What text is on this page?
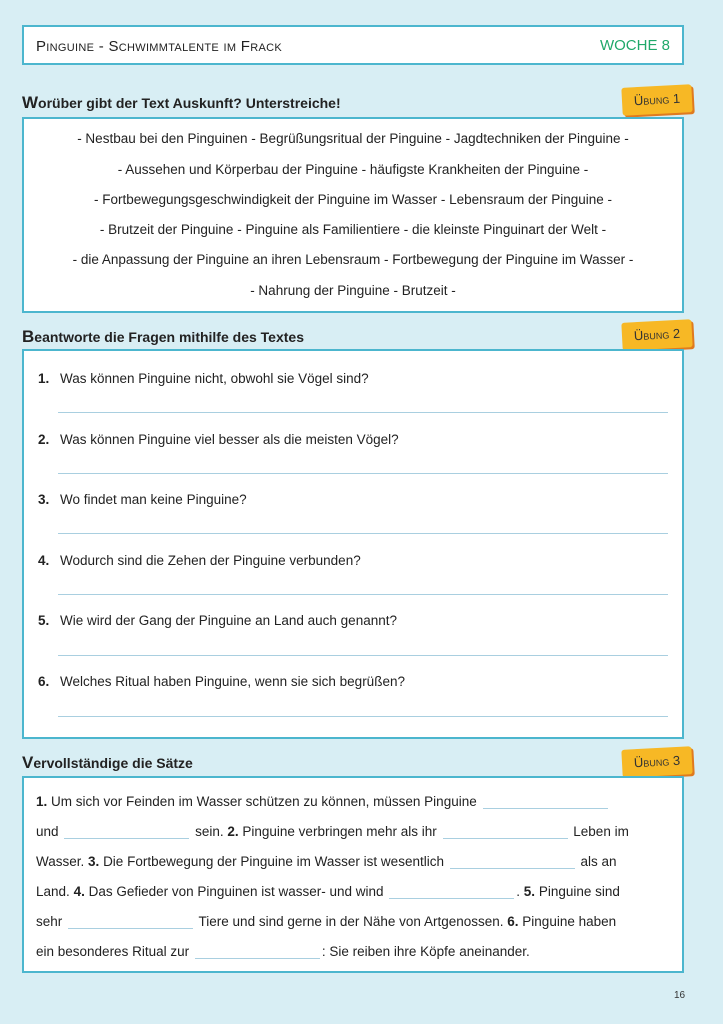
Pinguine - Schwimmtalente im Frack	WOCHE 8
Worüber gibt der Text Auskunft? Unterstreiche!	Übung 1
- Nestbau bei den Pinguinen - Begrüßungsritual der Pinguine - Jagdtechniken der Pinguine -
- Aussehen und Körperbau der Pinguine - häufigste Krankheiten der Pinguine -
- Fortbewegungsgeschwindigkeit der Pinguine im Wasser - Lebensraum der Pinguine -
- Brutzeit der Pinguine - Pinguine als Familientiere - die kleinste Pinguinart der Welt -
- die Anpassung der Pinguine an ihren Lebensraum - Fortbewegung der Pinguine im Wasser -
- Nahrung der Pinguine - Brutzeit -
Beantworte die Fragen mithilfe des Textes	Übung 2
1. Was können Pinguine nicht, obwohl sie Vögel sind?
2. Was können Pinguine viel besser als die meisten Vögel?
3. Wo findet man keine Pinguine?
4. Wodurch sind die Zehen der Pinguine verbunden?
5. Wie wird der Gang der Pinguine an Land auch genannt?
6. Welches Ritual haben Pinguine, wenn sie sich begrüßen?
Vervollständige die Sätze	Übung 3
1. Um sich vor Feinden im Wasser schützen zu können, müssen Pinguine
und	sein. 2. Pinguine verbringen mehr als ihr	Leben im
Wasser. 3. Die Fortbewegung der Pinguine im Wasser ist wesentlich	als an
Land. 4. Das Gefieder von Pinguinen ist wasser- und wind	. 5. Pinguine sind
sehr	Tiere und sind gerne in der Nähe von Artgenossen. 6. Pinguine haben
ein besonderes Ritual zur	: Sie reiben ihre Köpfe aneinander.
16
